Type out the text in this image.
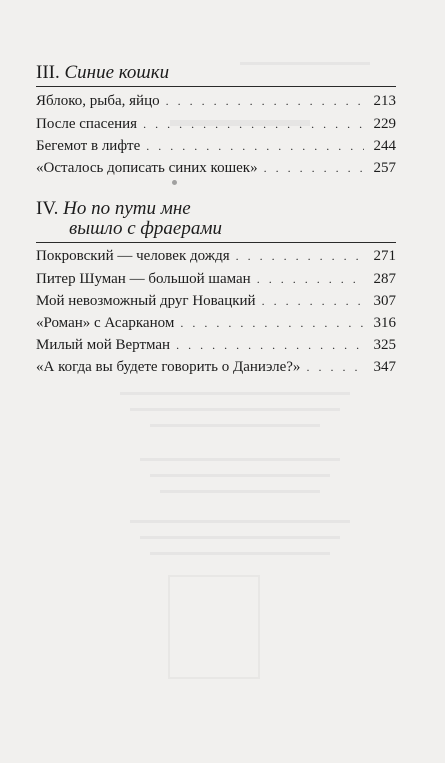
III. Синие кошки
Яблоко, рыба, яйцо . . .	213
После спасения . . .	229
Бегемот в лифте . . .	244
«Осталось дописать синих кошек» . . .	257
IV. Но по пути мне
вышло с фраерами
Покровский — человек дождя . . .	271
Питер Шуман — большой шаман . . .	287
Мой невозможный друг Новацкий . . .	307
«Роман» с Асарканом . . .	316
Милый мой Вертман . . .	325
«А когда вы будете говорить о Даниэле?» . . .	347
